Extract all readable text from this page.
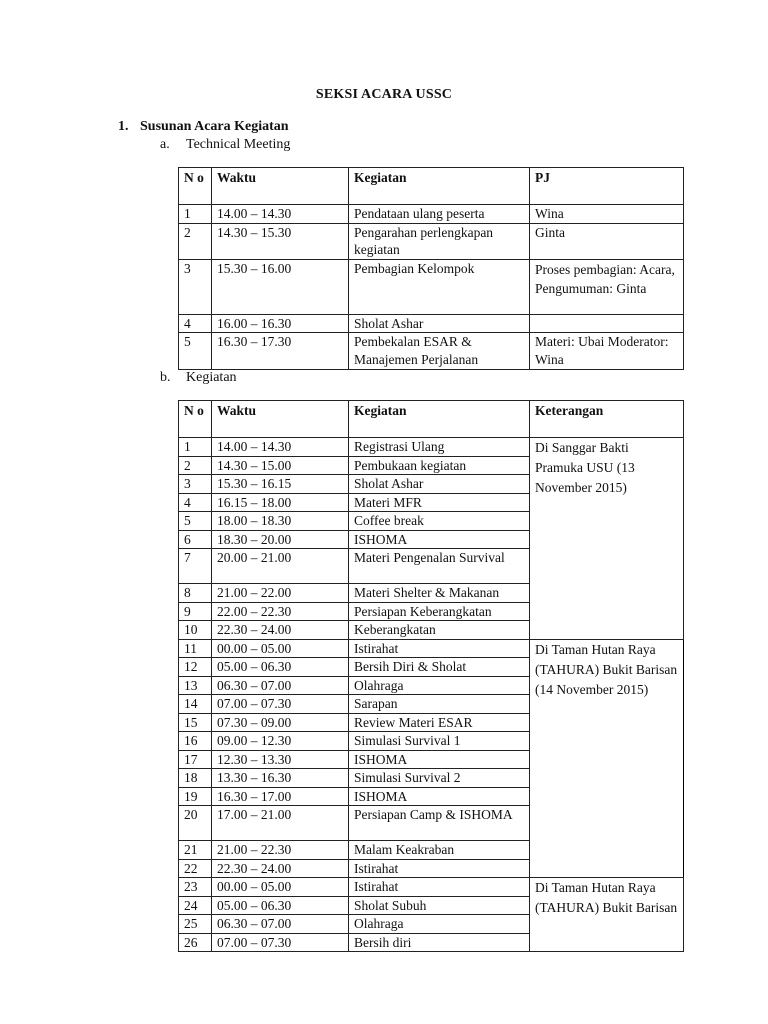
SEKSI ACARA USSC
1. Susunan Acara Kegiatan
a. Technical Meeting
N o	Waktu	Kegiatan	PJ
1	14.00 – 14.30	Pendataan ulang peserta	Wina
2	14.30 – 15.30	Pengarahan perlengkapan kegiatan	Ginta
3	15.30 – 16.00	Pembagian Kelompok	Proses pembagian: Acara, Pengumuman: Ginta
4	16.00 – 16.30	Sholat Ashar	
5	16.30 – 17.30	Pembekalan ESAR & Manajemen Perjalanan	Materi: Ubai Moderator: Wina
b. Kegiatan
N o	Waktu	Kegiatan	Keterangan
1	14.00 – 14.30	Registrasi Ulang	Di Sanggar Bakti Pramuka USU (13 November 2015)
2	14.30 – 15.00	Pembukaan kegiatan	
3	15.30 – 16.15	Sholat Ashar	
4	16.15 – 18.00	Materi MFR	
5	18.00 – 18.30	Coffee break	
6	18.30 – 20.00	ISHOMA	
7	20.00 – 21.00	Materi Pengenalan Survival	
8	21.00 – 22.00	Materi Shelter & Makanan	
9	22.00 – 22.30	Persiapan Keberangkatan	
10	22.30 – 24.00	Keberangkatan	
11	00.00 – 05.00	Istirahat	Di Taman Hutan Raya (TAHURA) Bukit Barisan (14 November 2015)
12	05.00 – 06.30	Bersih Diri & Sholat	
13	06.30 – 07.00	Olahraga	
14	07.00 – 07.30	Sarapan	
15	07.30 – 09.00	Review Materi ESAR	
16	09.00 – 12.30	Simulasi Survival 1	
17	12.30 – 13.30	ISHOMA	
18	13.30 – 16.30	Simulasi Survival 2	
19	16.30 – 17.00	ISHOMA	
20	17.00 – 21.00	Persiapan Camp & ISHOMA	
21	21.00 – 22.30	Malam Keakraban	
22	22.30 – 24.00	Istirahat	
23	00.00 – 05.00	Istirahat	Di Taman Hutan Raya (TAHURA) Bukit Barisan
24	05.00 – 06.30	Sholat Subuh	
25	06.30 – 07.00	Olahraga	
26	07.00 – 07.30	Bersih diri	
